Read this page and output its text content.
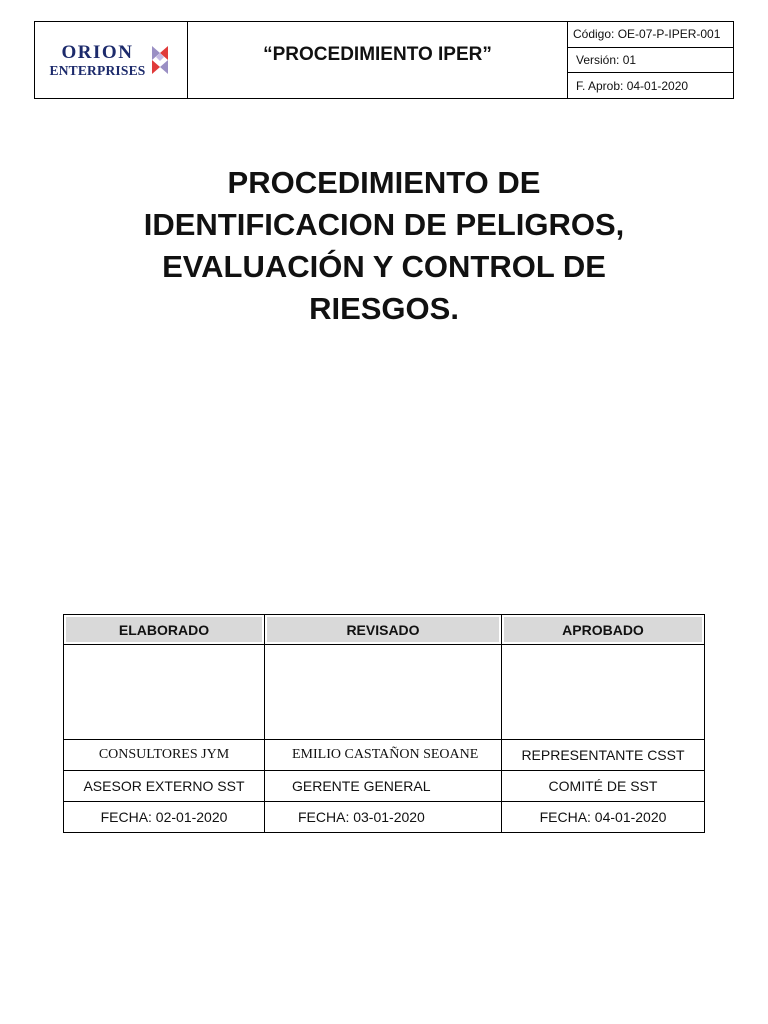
ORION
ENTERPRISES
“PROCEDIMIENTO IPER”
Código: OE-07-P-IPER-001
Versión: 01
F. Aprob: 04-01-2020
PROCEDIMIENTO DE
IDENTIFICACION DE PELIGROS,
EVALUACIÓN Y CONTROL DE
RIESGOS.
ELABORADO	REVISADO	APROBADO

CONSULTORES JYM	EMILIO CASTAÑON SEOANE	REPRESENTANTE CSST
ASESOR EXTERNO SST	GERENTE GENERAL	COMITÉ DE SST
FECHA: 02-01-2020	FECHA: 03-01-2020	FECHA: 04-01-2020
